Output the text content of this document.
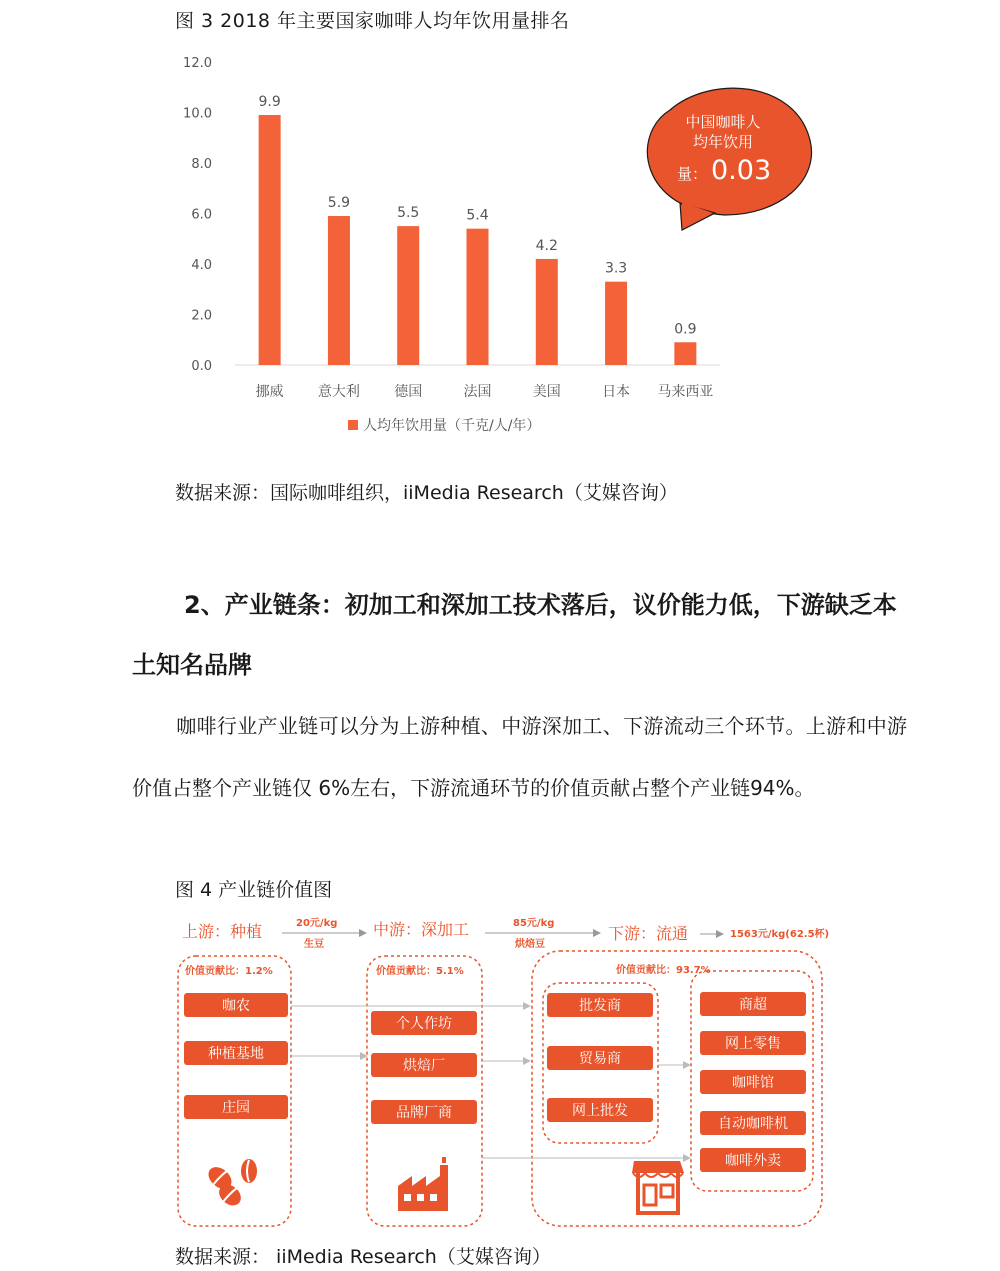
图 3 2018 年主要国家咖啡人均年饮用量排名
0.0
2.0
4.0
6.0
8.0
10.0
12.0
9.9
5.9
5.5	5.4
4.2
3.3
0.9
挪威 意大利 德国	法国	美国	日本 马来西亚
人均年饮用量（千克/人/年）
中国咖啡人
均年饮用
量： 0.03
数据来源：国际咖啡组织，iiMedia Research（艾媒咨询）
2、产业链条：初加工和深加工技术落后，议价能力低，下游缺乏本土知名品牌
咖啡行业产业链可以分为上游种植、中游深加工、下游流动三个环节。上游和中游价值占整个产业链仅 6%左右，下游流通环节的价值贡献占整个产业链94%。
图 4 产业链价值图
上游：种植	中游：深加工	下游：流通
20元/kg
生豆
85元/kg
烘焙豆
1563元/kg(62.5杯)
价值贡献比：1.2%
咖农
种植基地
庄园
价值贡献比：5.1%
个人作坊
烘焙厂
品牌厂商
价值贡献比：93.7%
批发商
贸易商
网上批发
商超
网上零售
咖啡馆
自动咖啡机
咖啡外卖
数据来源： iiMedia Research（艾媒咨询）
